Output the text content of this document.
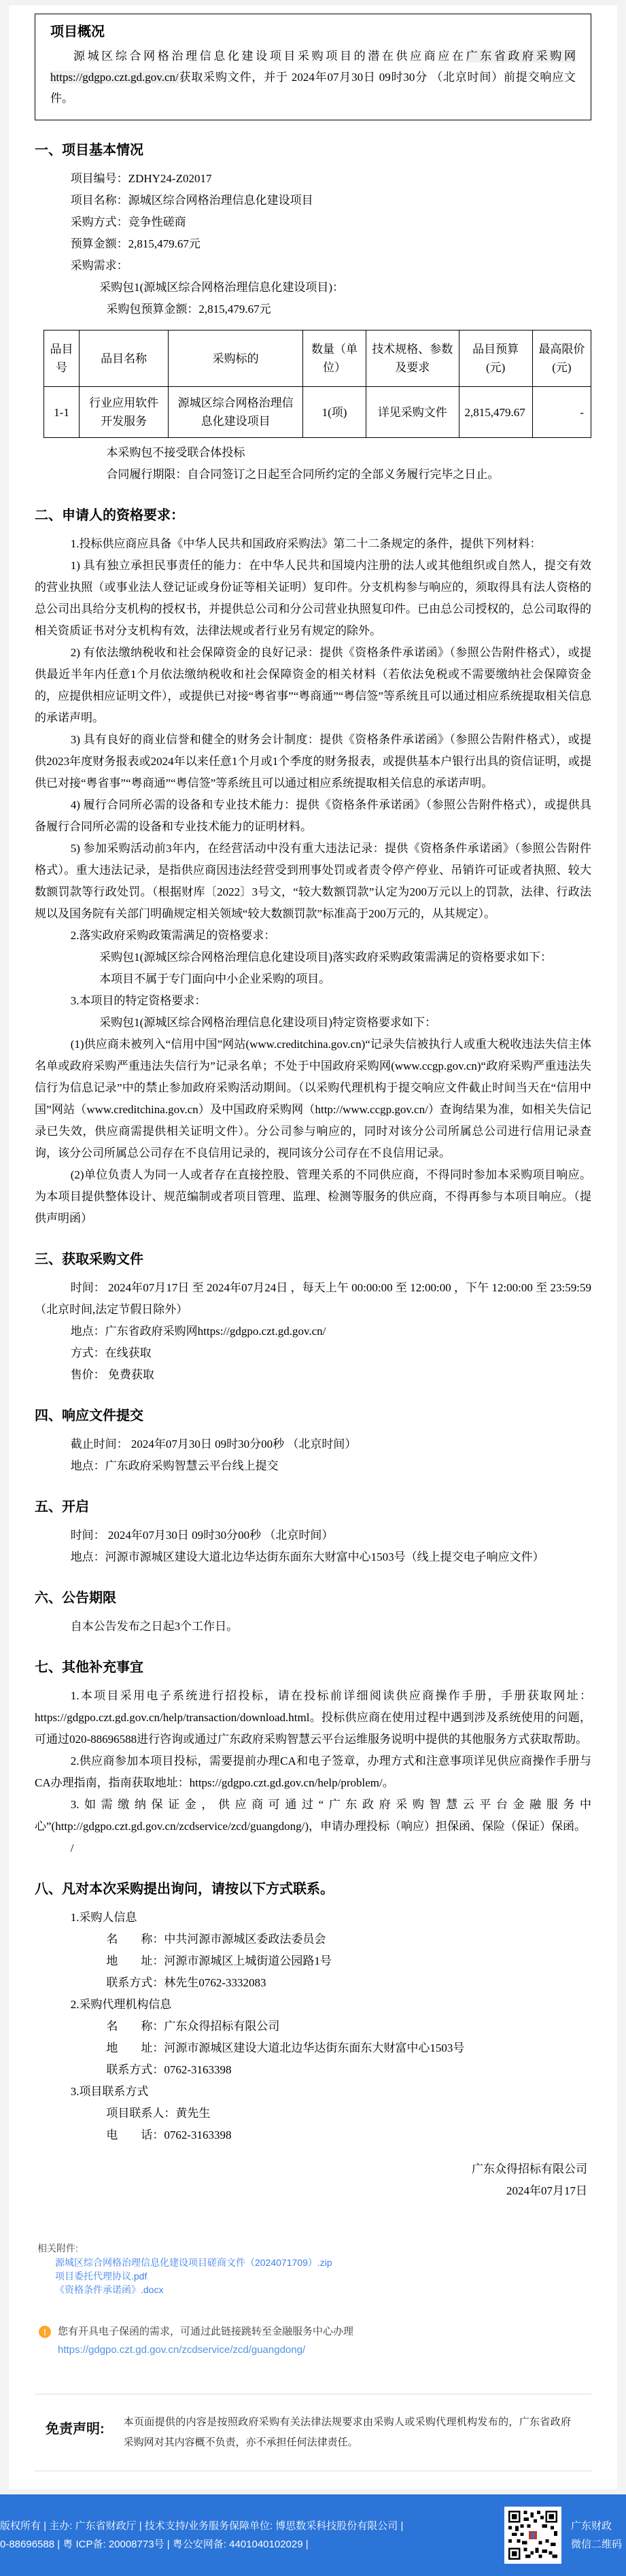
项目概况

源城区综合网格治理信息化建设项目采购项目的潜在供应商应在广东省政府采购网https://gdgpo.czt.gd.gov.cn/获取采购文件，并于 2024年07月30日 09时30分 （北京时间）前提交响应文件。

一、项目基本情况

项目编号：ZDHY24-Z02017

项目名称：源城区综合网格治理信息化建设项目

采购方式：竞争性磋商

预算金额：2,815,479.67元

采购需求：

采购包1(源城区综合网格治理信息化建设项目)：

采购包预算金额：2,815,479.67元

品目号	品目名称	采购标的	数量（单位）	技术规格、参数及要求	品目预算(元)	最高限价(元)
1-1	行业应用软件开发服务	源城区综合网格治理信息化建设项目	1(项)	详见采购文件	2,815,479.67	-

本采购包不接受联合体投标

合同履行期限：自合同签订之日起至合同所约定的全部义务履行完毕之日止。

二、申请人的资格要求：

1.投标供应商应具备《中华人民共和国政府采购法》第二十二条规定的条件，提供下列材料：

1) 具有独立承担民事责任的能力：在中华人民共和国境内注册的法人或其他组织或自然人，提交有效的营业执照（或事业法人登记证或身份证等相关证明）复印件。分支机构参与响应的，须取得具有法人资格的总公司出具给分支机构的授权书，并提供总公司和分公司营业执照复印件。已由总公司授权的，总公司取得的相关资质证书对分支机构有效，法律法规或者行业另有规定的除外。

2) 有依法缴纳税收和社会保障资金的良好记录：提供《资格条件承诺函》（参照公告附件格式），或提供最近半年内任意1个月依法缴纳税收和社会保障资金的相关材料（若依法免税或不需要缴纳社会保障资金的，应提供相应证明文件），或提供已对接“粤省事”“粤商通”“粤信签”等系统且可以通过相应系统提取相关信息的承诺声明。

3) 具有良好的商业信誉和健全的财务会计制度：提供《资格条件承诺函》（参照公告附件格式），或提供2023年度财务报表或2024年以来任意1个月或1个季度的财务报表，或提供基本户银行出具的资信证明，或提供已对接“粤省事”“粤商通”“粤信签”等系统且可以通过相应系统提取相关信息的承诺声明。

4) 履行合同所必需的设备和专业技术能力：提供《资格条件承诺函》（参照公告附件格式），或提供具备履行合同所必需的设备和专业技术能力的证明材料。

5) 参加采购活动前3年内，在经营活动中没有重大违法记录：提供《资格条件承诺函》（参照公告附件格式）。重大违法记录，是指供应商因违法经营受到刑事处罚或者责令停产停业、吊销许可证或者执照、较大数额罚款等行政处罚。（根据财库〔2022〕3号文，“较大数额罚款”认定为200万元以上的罚款，法律、行政法规以及国务院有关部门明确规定相关领域“较大数额罚款”标准高于200万元的，从其规定）。

2.落实政府采购政策需满足的资格要求：

采购包1(源城区综合网格治理信息化建设项目)落实政府采购政策需满足的资格要求如下：

本项目不属于专门面向中小企业采购的项目。

3.本项目的特定资格要求：

采购包1(源城区综合网格治理信息化建设项目)特定资格要求如下：

(1)供应商未被列入“信用中国”网站(www.creditchina.gov.cn)“记录失信被执行人或重大税收违法失信主体名单或政府采购严重违法失信行为”记录名单；不处于中国政府采购网(www.ccgp.gov.cn)“政府采购严重违法失信行为信息记录”中的禁止参加政府采购活动期间。（以采购代理机构于提交响应文件截止时间当天在“信用中国”网站（www.creditchina.gov.cn）及中国政府采购网（http://www.ccgp.gov.cn/）查询结果为准，如相关失信记录已失效，供应商需提供相关证明文件）。分公司参与响应的，同时对该分公司所属总公司进行信用记录查询，该分公司所属总公司存在不良信用记录的，视同该分公司存在不良信用记录。

(2)单位负责人为同一人或者存在直接控股、管理关系的不同供应商，不得同时参加本采购项目响应。为本项目提供整体设计、规范编制或者项目管理、监理、检测等服务的供应商，不得再参与本项目响应。（提供声明函）

三、获取采购文件

时间： 2024年07月17日 至 2024年07月24日 ，每天上午 00:00:00 至 12:00:00 ，下午 12:00:00 至 23:59:59（北京时间,法定节假日除外）

地点：广东省政府采购网https://gdgpo.czt.gd.gov.cn/

方式：在线获取

售价： 免费获取

四、响应文件提交

截止时间： 2024年07月30日 09时30分00秒 （北京时间）

地点：广东政府采购智慧云平台线上提交

五、开启

时间： 2024年07月30日 09时30分00秒 （北京时间）

地点：河源市源城区建设大道北边华达街东面东大财富中心1503号（线上提交电子响应文件）

六、公告期限

自本公告发布之日起3个工作日。

七、其他补充事宜

1.本项目采用电子系统进行招投标，请在投标前详细阅读供应商操作手册，手册获取网址：https://gdgpo.czt.gd.gov.cn/help/transaction/download.html。投标供应商在使用过程中遇到涉及系统使用的问题，可通过020-88696588进行咨询或通过广东政府采购智慧云平台运维服务说明中提供的其他服务方式获取帮助。

2.供应商参加本项目投标，需要提前办理CA和电子签章，办理方式和注意事项详见供应商操作手册与CA办理指南，指南获取地址：https://gdgpo.czt.gd.gov.cn/help/problem/。

3.如需缴纳保证金，供应商可通过“广东政府采购智慧云平台金融服务中心”(http://gdgpo.czt.gd.gov.cn/zcdservice/zcd/guangdong/)，申请办理投标（响应）担保函、保险（保证）保函。

/

八、凡对本次采购提出询问，请按以下方式联系。

1.采购人信息

名　　称：中共河源市源城区委政法委员会

地　　址：河源市源城区上城街道公园路1号

联系方式：林先生0762-3332083

2.采购代理机构信息

名　　称：广东众得招标有限公司

地　　址：河源市源城区建设大道北边华达街东面东大财富中心1503号

联系方式：0762-3163398

3.项目联系方式

项目联系人：黄先生

电　　话：0762-3163398

广东众得招标有限公司
2024年07月17日
相关附件:
源城区综合网格治理信息化建设项目磋商文件（2024071709）.zip
项目委托代理协议.pdf
《资格条件承诺函》.docx
!	您有开具电子保函的需求，可通过此链接跳转至金融服务中心办理
https://gdgpo.czt.gd.gov.cn/zcdservice/zcd/guangdong/
免责声明: 本页面提供的内容是按照政府采购有关法律法规要求由采购人或采购代理机构发布的，广东省政府采购网对其内容概不负责，亦不承担任何法律责任。
版权所有 | 主办: 广东省财政厅 | 技术支持/业务服务保障单位: 博思数采科技股份有限公司 |
0-88696588 | 粤 ICP备: 20008773号 | 粤公安网备: 4401040102029 |
广东财政
微信二维码
